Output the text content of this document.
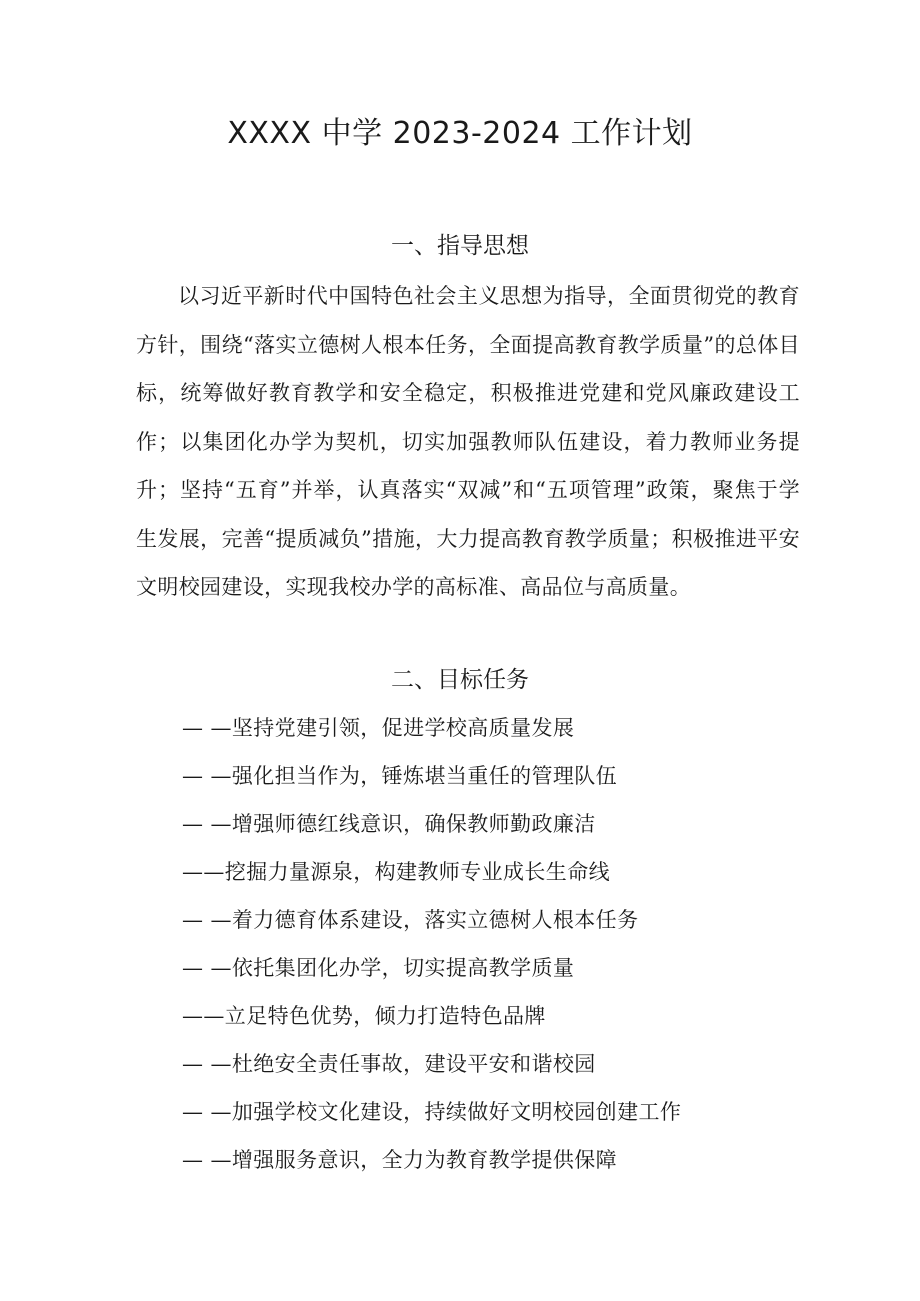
XXXX 中学 2023-2024 工作计划
一、指导思想

以习近平新时代中国特色社会主义思想为指导，全面贯彻党的教育方针，围绕“落实立德树人根本任务，全面提高教育教学质量”的总体目标，统筹做好教育教学和安全稳定，积极推进党建和党风廉政建设工作；以集团化办学为契机，切实加强教师队伍建设，着力教师业务提升；坚持“五育”并举，认真落实“双减”和“五项管理”政策，聚焦于学生发展，完善“提质减负”措施，大力提高教育教学质量；积极推进平安文明校园建设，实现我校办学的高标准、高品位与高质量。

二、目标任务
— —坚持党建引领，促进学校高质量发展
— —强化担当作为，锤炼堪当重任的管理队伍
— —增强师德红线意识，确保教师勤政廉洁
——挖掘力量源泉，构建教师专业成长生命线
— —着力德育体系建设，落实立德树人根本任务
— —依托集团化办学，切实提高教学质量
——立足特色优势，倾力打造特色品牌
— —杜绝安全责任事故，建设平安和谐校园
— —加强学校文化建设，持续做好文明校园创建工作
— —增强服务意识，全力为教育教学提供保障
